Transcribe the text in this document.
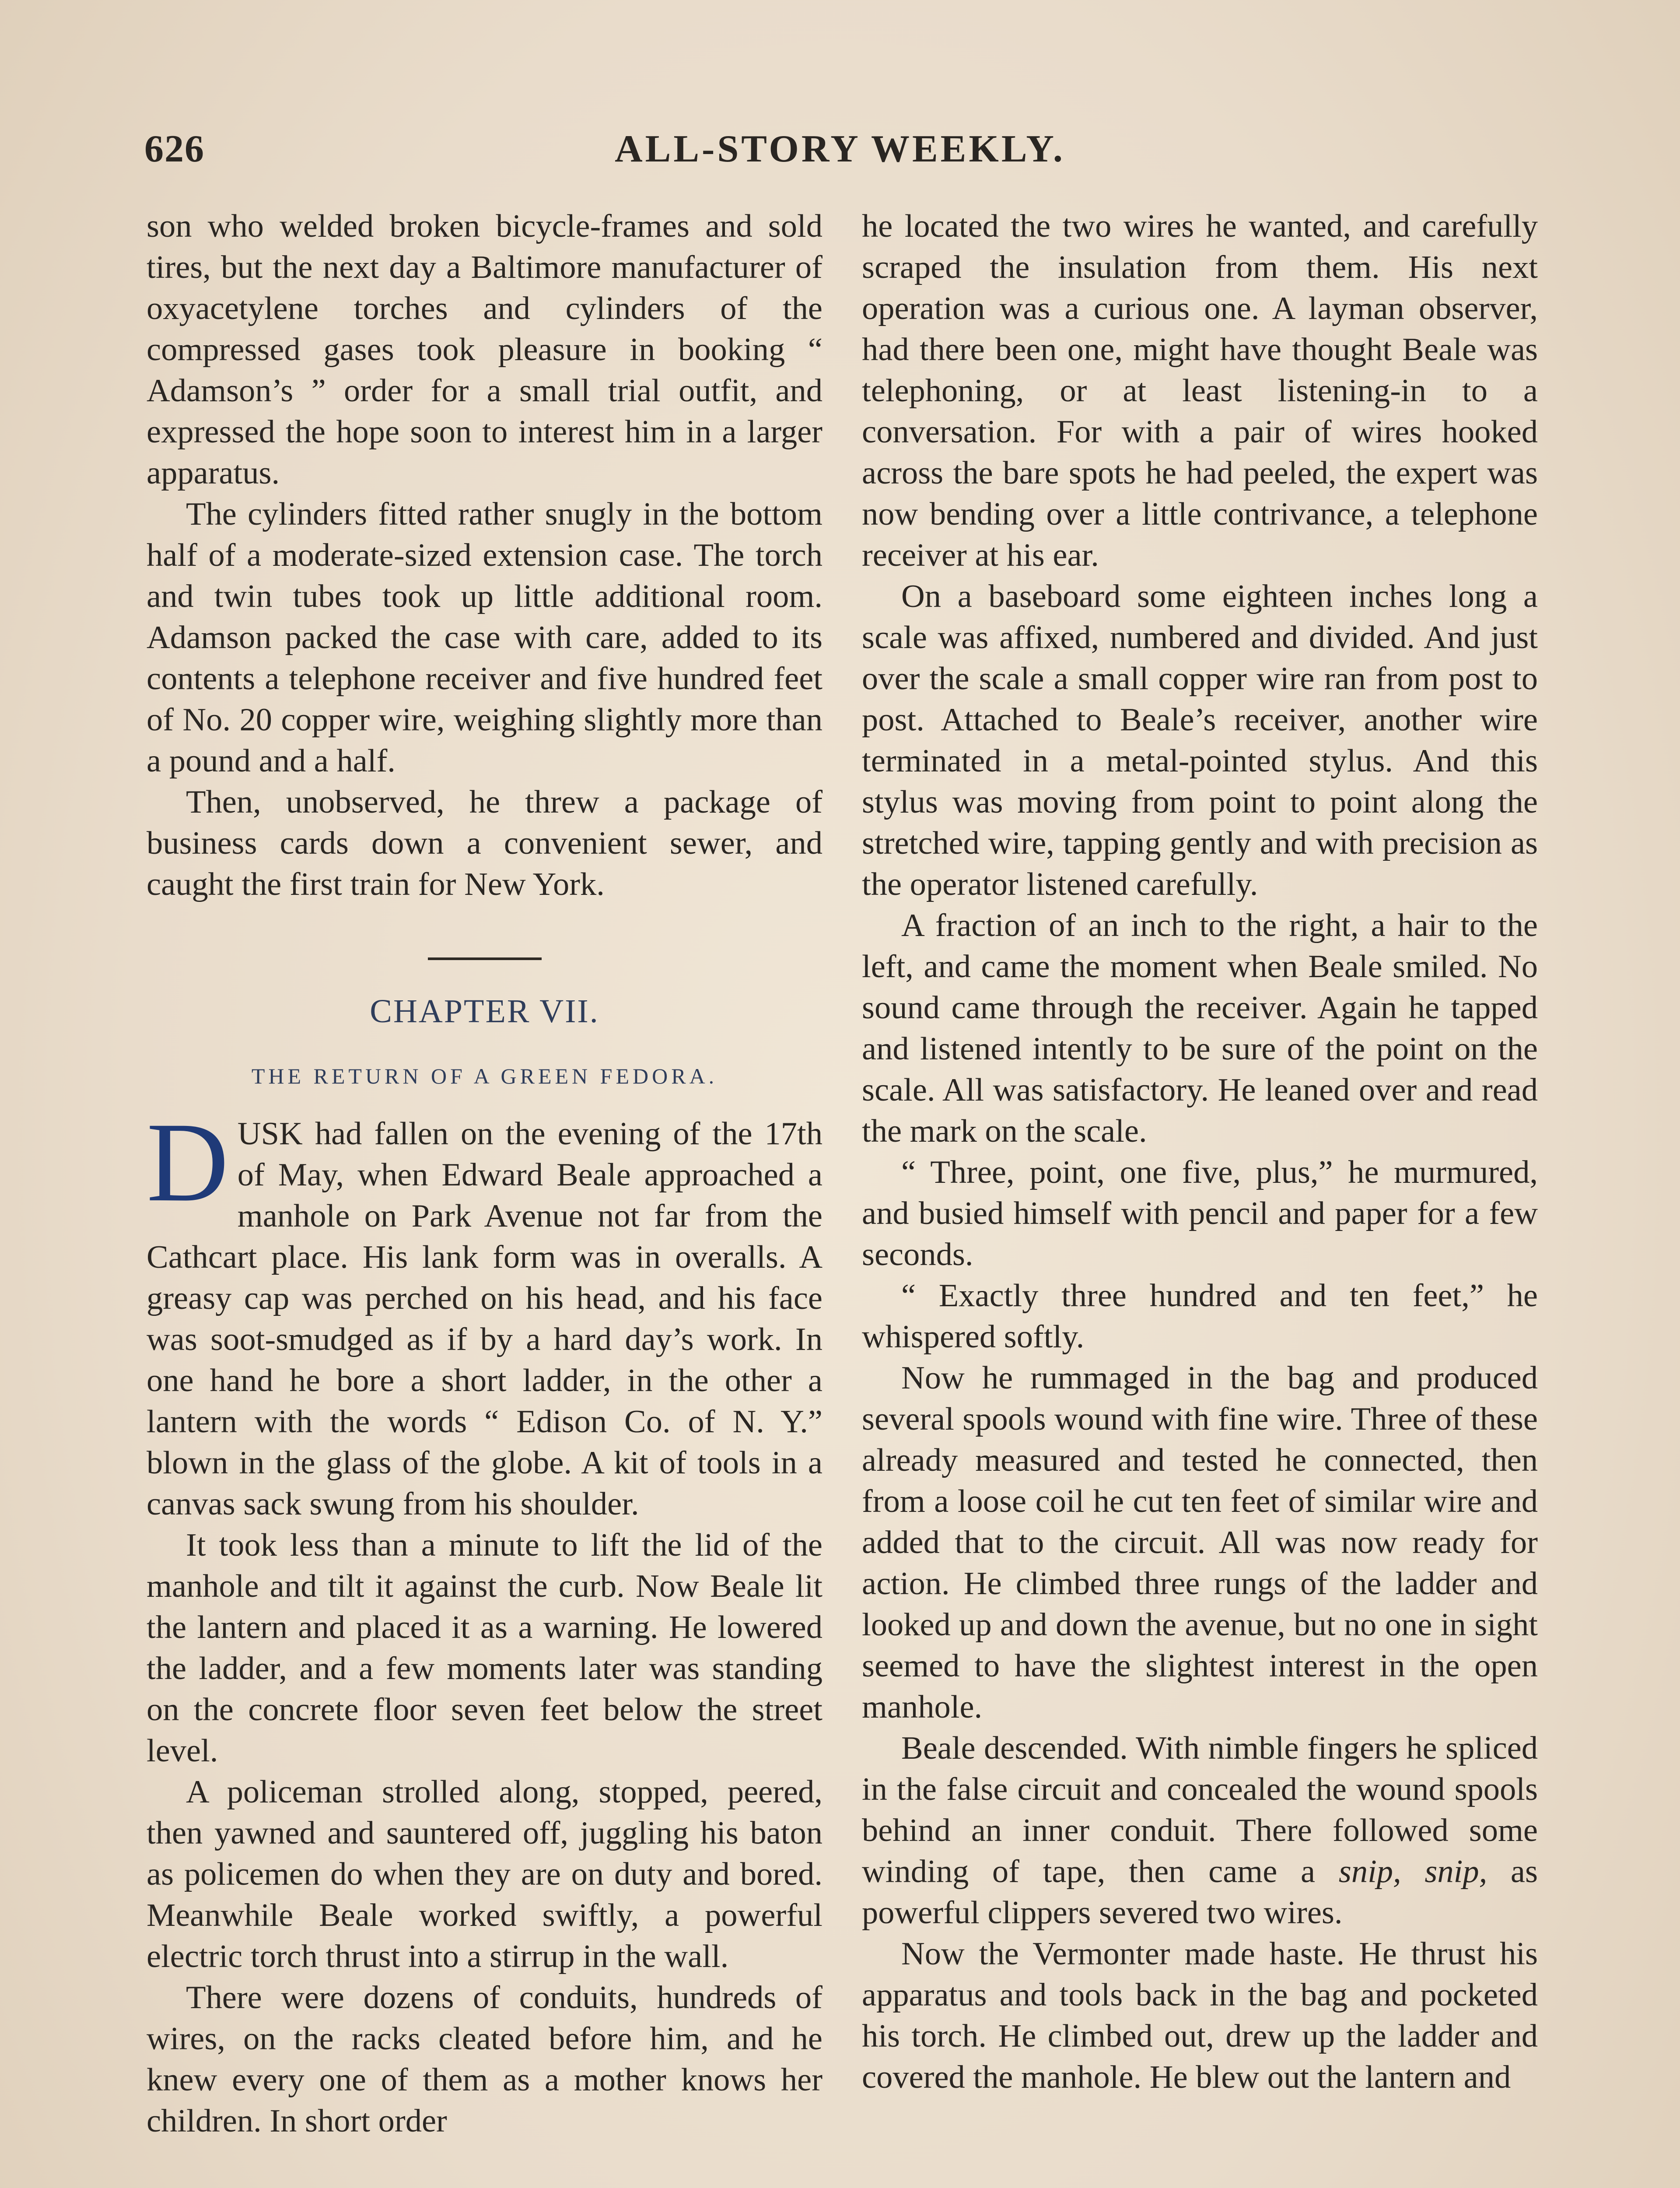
626	ALL-STORY WEEKLY.

son who welded broken bicycle-frames and sold tires, but the next day a Baltimore manufacturer of oxyacetylene torches and cylinders of the compressed gases took pleasure in booking “ Adamson’s ” order for a small trial outfit, and expressed the hope soon to interest him in a larger apparatus.

The cylinders fitted rather snugly in the bottom half of a moderate-sized extension case. The torch and twin tubes took up little additional room. Adamson packed the case with care, added to its contents a telephone receiver and five hundred feet of No. 20 copper wire, weighing slightly more than a pound and a half.

Then, unobserved, he threw a package of business cards down a convenient sewer, and caught the first train for New York.

CHAPTER VII.
THE RETURN OF A GREEN FEDORA.

DUSK had fallen on the evening of the 17th of May, when Edward Beale approached a manhole on Park Avenue not far from the Cathcart place. His lank form was in overalls. A greasy cap was perched on his head, and his face was soot-smudged as if by a hard day’s work. In one hand he bore a short ladder, in the other a lantern with the words “ Edison Co. of N. Y.” blown in the glass of the globe. A kit of tools in a canvas sack swung from his shoulder.

It took less than a minute to lift the lid of the manhole and tilt it against the curb. Now Beale lit the lantern and placed it as a warning. He lowered the ladder, and a few moments later was standing on the concrete floor seven feet below the street level.

A policeman strolled along, stopped, peered, then yawned and sauntered off, juggling his baton as policemen do when they are on duty and bored. Meanwhile Beale worked swiftly, a powerful electric torch thrust into a stirrup in the wall.

There were dozens of conduits, hundreds of wires, on the racks cleated before him, and he knew every one of them as a mother knows her children. In short order

he located the two wires he wanted, and carefully scraped the insulation from them. His next operation was a curious one. A layman observer, had there been one, might have thought Beale was telephoning, or at least listening-in to a conversation. For with a pair of wires hooked across the bare spots he had peeled, the expert was now bending over a little contrivance, a telephone receiver at his ear.

On a baseboard some eighteen inches long a scale was affixed, numbered and divided. And just over the scale a small copper wire ran from post to post. Attached to Beale’s receiver, another wire terminated in a metal-pointed stylus. And this stylus was moving from point to point along the stretched wire, tapping gently and with precision as the operator listened carefully.

A fraction of an inch to the right, a hair to the left, and came the moment when Beale smiled. No sound came through the receiver. Again he tapped and listened intently to be sure of the point on the scale. All was satisfactory. He leaned over and read the mark on the scale.

“ Three, point, one five, plus,” he murmured, and busied himself with pencil and paper for a few seconds.

“ Exactly three hundred and ten feet,” he whispered softly.

Now he rummaged in the bag and produced several spools wound with fine wire. Three of these already measured and tested he connected, then from a loose coil he cut ten feet of similar wire and added that to the circuit. All was now ready for action. He climbed three rungs of the ladder and looked up and down the avenue, but no one in sight seemed to have the slightest interest in the open manhole.

Beale descended. With nimble fingers he spliced in the false circuit and concealed the wound spools behind an inner conduit. There followed some winding of tape, then came a snip, snip, as powerful clippers severed two wires.

Now the Vermonter made haste. He thrust his apparatus and tools back in the bag and pocketed his torch. He climbed out, drew up the ladder and covered the manhole. He blew out the lantern and
